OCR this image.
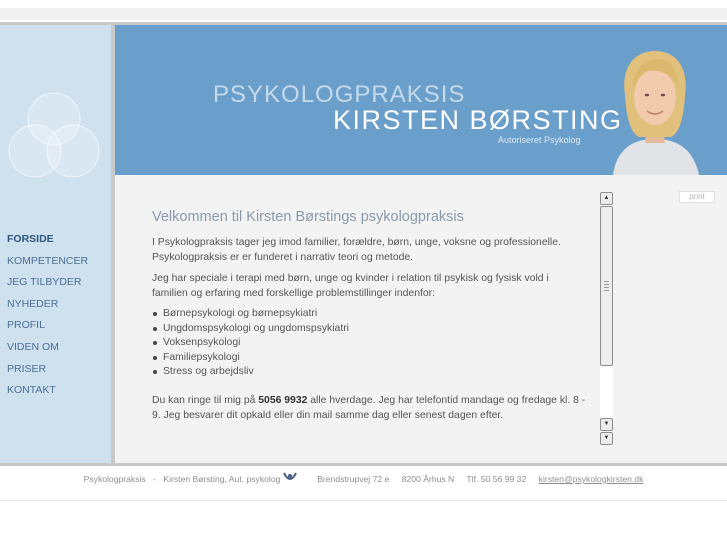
FORSIDE
KOMPETENCER
JEG TILBYDER
NYHEDER
PROFIL
VIDEN OM
PRISER
KONTAKT
PSYKOLOGPRAKSIS
KIRSTEN BØRSTING
Autoriseret Psykolog
print
Velkommen til Kirsten Børstings psykologpraksis

I Psykologpraksis tager jeg imod familier, forældre, børn, unge, voksne og professionelle. Psykologpraksis er er funderet i narrativ teori og metode.

Jeg har speciale i terapi med børn, unge og kvinder i relation til psykisk og fysisk vold i familien og erfaring med forskellige problemstillinger indenfor:

Børnepsykologi og børnepsykiatri
Ungdomspsykologi og ungdomspsykiatri
Voksenpsykologi
Familiepsykologi
Stress og arbejdsliv

Du kan ringe til mig på 5056 9932 alle hverdage. Jeg har telefontid mandage og fredage kl. 8 - 9. Jeg besvarer dit opkald eller din mail samme dag eller senest dagen efter.

▲
▼
▼
Psykologpraksis - Kirsten Børsting, Aut. psykolog	Brendstrupvej 72 e 8200 Århus N Tlf. 50 56 99 32 kirsten@psykologkirsten.dk
